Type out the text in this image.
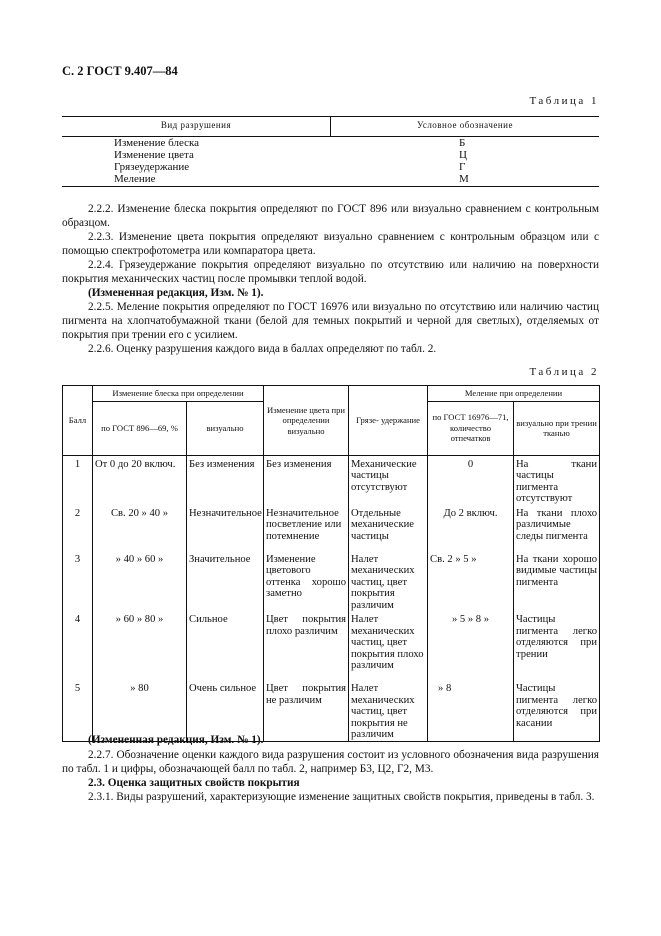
С. 2 ГОСТ 9.407—84
Таблица 1
Вид разрушения	Условное обозначение
Изменение блеска	Б
Изменение цвета	Ц
Грязеудержание	Г
Меление	М
2.2.2. Изменение блеска покрытия определяют по ГОСТ 896 или визуально сравнением с контрольным образцом.
2.2.3. Изменение цвета покрытия определяют визуально сравнением с контрольным образцом или с помощью спектрофотометра или компаратора цвета.
2.2.4. Грязеудержание покрытия определяют визуально по отсутствию или наличию на поверхности покрытия механических частиц после промывки теплой водой.
(Измененная редакция, Изм. № 1).
2.2.5. Меление покрытия определяют по ГОСТ 16976 или визуально по отсутствию или наличию частиц пигмента на хлопчатобумажной ткани (белой для темных покрытий и черной для светлых), отделяемых от покрытия при трении его с усилием.
2.2.6. Оценку разрушения каждого вида в баллах определяют по табл. 2.
Таблица 2
Балл	Изменение блеска при определении		Изменение цвета при определении визуально	Грязе- удержание	Меление при определении	
	по ГОСТ 896—69, %	визуально			по ГОСТ 16976—71, количество отпечатков	визуально при трении тканью
1	От 0 до 20 включ.	Без изменения	Без изменения	Механические частицы отсутствуют	0	На ткани частицы пигмента отсутствуют
2	Св. 20 » 40 »	Незначительное	Незначительное посветление или потемнение	Отдельные механические частицы	До 2 включ.	На ткани плохо различимые следы пигмента
3	» 40 » 60 »	Значительное	Изменение цветового оттенка хорошо заметно	Налет механических частиц, цвет покрытия различим	Св. 2 » 5 »	На ткани хорошо видимые частицы пигмента
4	» 60 » 80 »	Сильное	Цвет покрытия плохо различим	Налет механических частиц, цвет покрытия плохо различим	» 5 » 8 »	Частицы пигмента легко отделяются при трении
5	» 80	Очень сильное	Цвет покрытия не различим	Налет механических частиц, цвет покрытия не различим	» 8	Частицы пигмента легко отделяются при касании
(Измененная редакция, Изм. № 1).
2.2.7. Обозначение оценки каждого вида разрушения состоит из условного обозначения вида разрушения по табл. 1 и цифры, обозначающей балл по табл. 2, например Б3, Ц2, Г2, М3.
2.3. Оценка защитных свойств покрытия
2.3.1. Виды разрушений, характеризующие изменение защитных свойств покрытия, приведены в табл. 3.
